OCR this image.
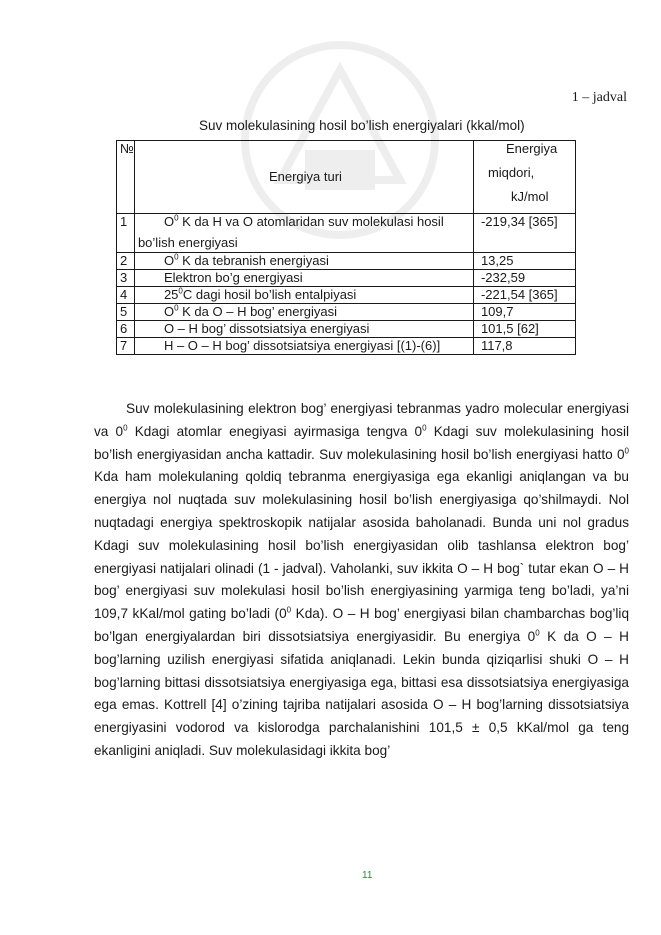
1 – jadval
Suv molekulasining hosil bo’lish energiyalari (kkal/mol)
№	Energiya turi	Energiya
miqdori,
kJ/mol

1	$O^0$ K da H va O atomlaridan suv molekulasi hosil
bo’lish energiyasi	-219,34 [365]
2	$O^0$ K da tebranish energiyasi	13,25
3	Elektron bo’g energiyasi	-232,59
4	$25^0C$ dagi hosil bo’lish entalpiyasi	-221,54 [365]
5	$O^0$ K da O – H bog’ energiyasi	109,7
6	O – H bog’ dissotsiatsiya energiyasi	101,5 [62]
7	H – O – H bog’ dissotsiatsiya energiyasi [(1)-(6)]	117,8

Suv molekulasining elektron bog’ energiyasi tebranmas yadro molecular energiyasi va $0^0$ Kdagi atomlar enegiyasi ayirmasiga tengva $0^0$ Kdagi suv molekulasining hosil bo’lish energiyasidan ancha kattadir. Suv molekulasining hosil bo’lish energiyasi hatto $0^0$ Kda ham molekulaning qoldiq tebranma energiyasiga ega ekanligi aniqlangan va bu energiya nol nuqtada suv molekulasining hosil bo’lish energiyasiga qo’shilmaydi. Nol nuqtadagi energiya spektroskopik natijalar asosida baholanadi. Bunda uni nol gradus Kdagi suv molekulasining hosil bo’lish energiyasidan olib tashlansa elektron bog’ energiyasi natijalari olinadi (1 - jadval). Vaholanki, suv ikkita O – H bog` tutar ekan O – H bog’ energiyasi suv molekulasi hosil bo’lish energiyasining yarmiga teng bo’ladi, ya’ni 109,7 kKal/mol gating bo’ladi ($0^0$ Kda). O – H bog’ energiyasi bilan chambarchas bog’liq bo’lgan energiyalardan biri dissotsiatsiya energiyasidir. Bu energiya $0^0$ K da O – H bog’larning uzilish energiyasi sifatida aniqlanadi. Lekin bunda qiziqarlisi shuki O – H bog’larning bittasi dissotsiatsiya energiyasiga ega, bittasi esa dissotsiatsiya energiyasiga ega emas. Kottrell [4] o’zining tajriba natijalari asosida O – H bog’larning dissotsiatsiya energiyasini vodorod va kislorodga parchalanishini 101,5 ± 0,5 kKal/mol ga teng ekanligini aniqladi. Suv molekulasidagi ikkita bog’

11
